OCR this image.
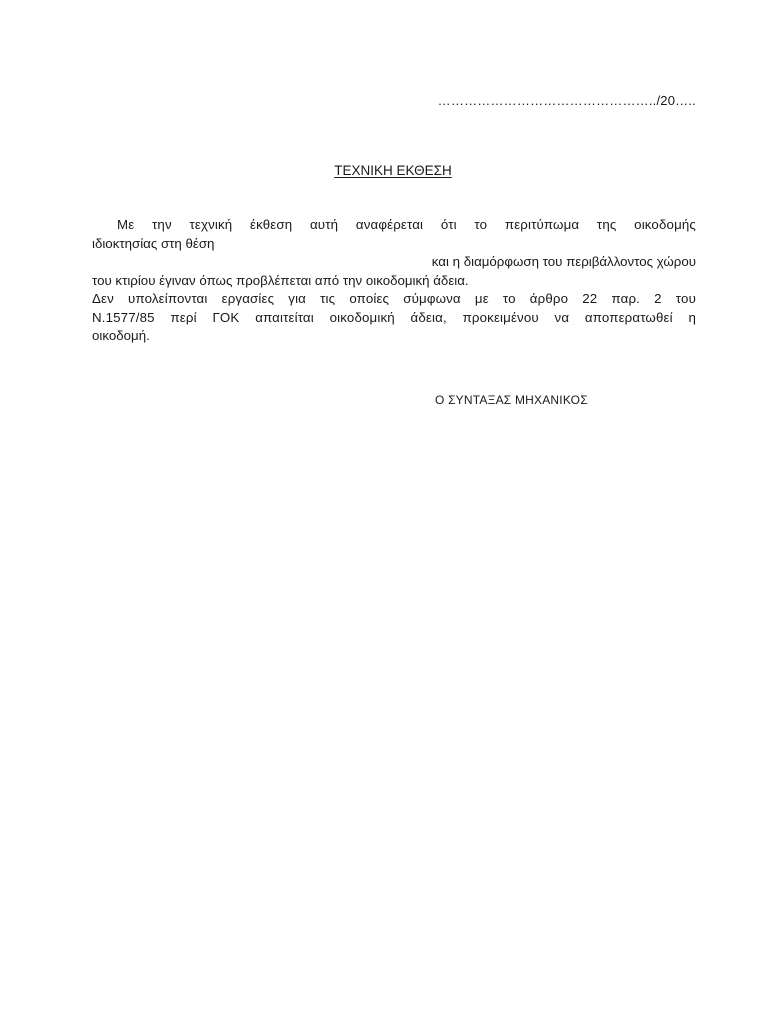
…………………………………………../20…..
ΤΕΧΝΙΚΗ ΕΚΘΕΣΗ
Με την τεχνική έκθεση αυτή αναφέρεται ότι το περιτύπωμα της οικοδομής
ιδιοκτησίας στη θέση
και η διαμόρφωση του περιβάλλοντος χώρου
του κτιρίου έγιναν όπως προβλέπεται από την οικοδομική άδεια.
Δεν υπολείπονται εργασίες για τις οποίες σύμφωνα με το άρθρο 22 παρ. 2 του
Ν.1577/85 περί ΓΟΚ απαιτείται οικοδομική άδεια, προκειμένου να αποπερατωθεί η
οικοδομή.
Ο ΣΥΝΤΑΞΑΣ ΜΗΧΑΝΙΚΟΣ
